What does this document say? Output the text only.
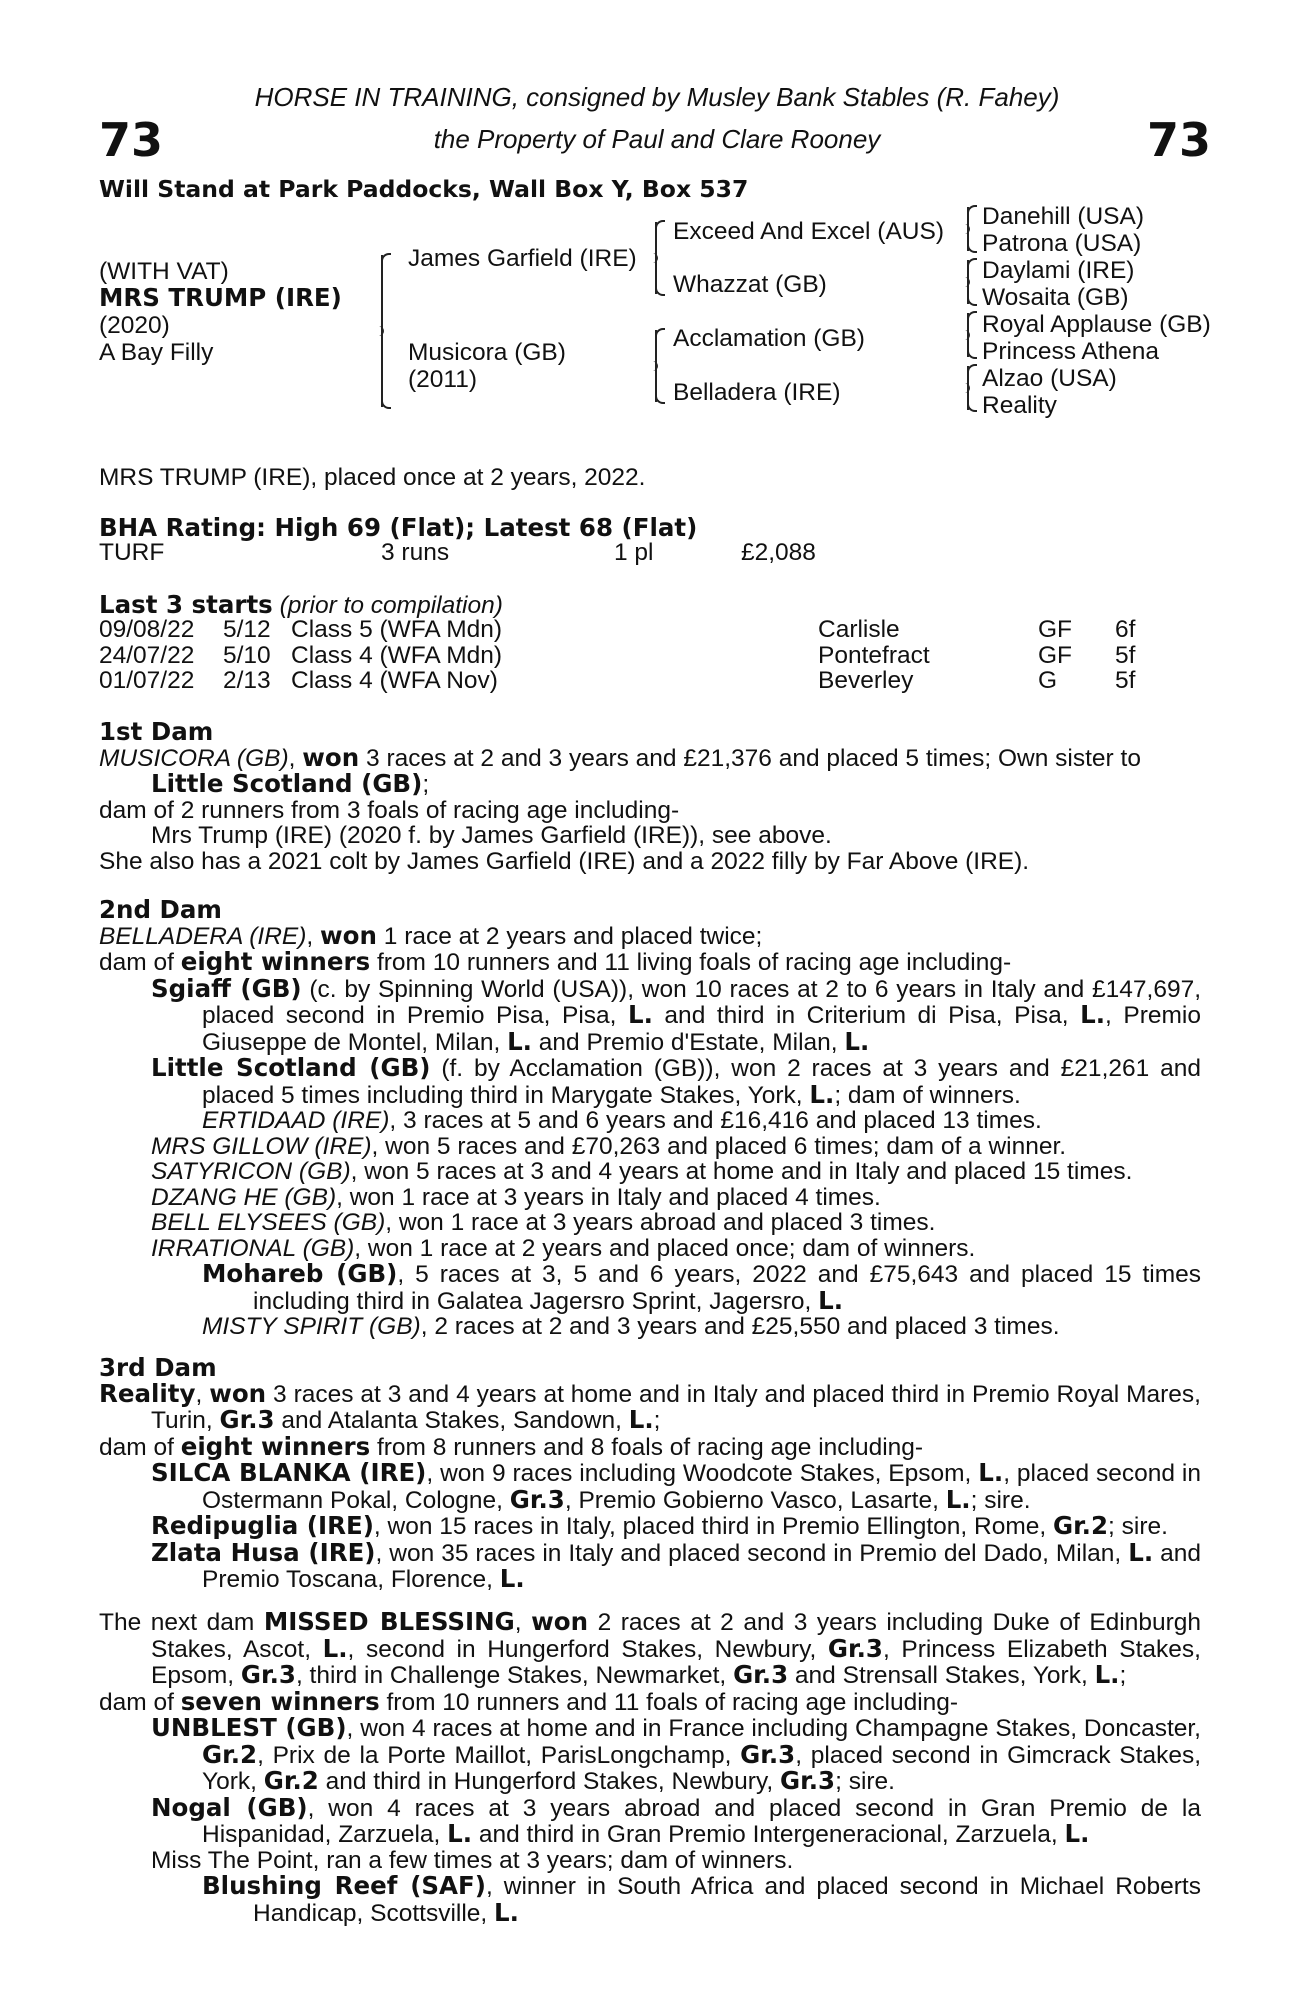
HORSE IN TRAINING, consigned by Musley Bank Stables (R. Fahey)
the Property of Paul and Clare Rooney
73	73
Will Stand at Park Paddocks, Wall Box Y, Box 537
(WITH VAT)
MRS TRUMP (IRE)
(2020)
A Bay Filly
James Garfield (IRE)
Musicora (GB)
(2011)
Exceed And Excel (AUS)
Whazzat (GB)
Acclamation (GB)
Belladera (IRE)
Danehill (USA)
Patrona (USA)
Daylami (IRE)
Wosaita (GB)
Royal Applause (GB)
Princess Athena
Alzao (USA)
Reality
MRS TRUMP (IRE), placed once at 2 years, 2022.
BHA Rating: High 69 (Flat); Latest 68 (Flat)
TURF	3 runs	1 pl	£2,088
Last 3 starts (prior to compilation)
09/08/22	5/12	Class 5 (WFA Mdn)	Carlisle	GF	6f
24/07/22	5/10	Class 4 (WFA Mdn)	Pontefract	GF	5f
01/07/22	2/13	Class 4 (WFA Nov)	Beverley	G	5f

1st Dam

MUSICORA (GB), won 3 races at 2 and 3 years and £21,376 and placed 5 times; Own sister to
Little Scotland (GB);

dam of 2 runners from 3 foals of racing age including-

Mrs Trump (IRE) (2020 f. by James Garfield (IRE)), see above.

She also has a 2021 colt by James Garfield (IRE) and a 2022 filly by Far Above (IRE).

2nd Dam

BELLADERA (IRE), won 1 race at 2 years and placed twice;

dam of eight winners from 10 runners and 11 living foals of racing age including-

Sgiaff (GB) (c. by Spinning World (USA)), won 10 races at 2 to 6 years in Italy and £147,697, placed second in Premio Pisa, Pisa, L. and third in Criterium di Pisa, Pisa, L., Premio Giuseppe de Montel, Milan, L. and Premio d'Estate, Milan, L.

Little Scotland (GB) (f. by Acclamation (GB)), won 2 races at 3 years and £21,261 and placed 5 times including third in Marygate Stakes, York, L.; dam of winners.

ERTIDAAD (IRE), 3 races at 5 and 6 years and £16,416 and placed 13 times.

MRS GILLOW (IRE), won 5 races and £70,263 and placed 6 times; dam of a winner.

SATYRICON (GB), won 5 races at 3 and 4 years at home and in Italy and placed 15 times.

DZANG HE (GB), won 1 race at 3 years in Italy and placed 4 times.

BELL ELYSEES (GB), won 1 race at 3 years abroad and placed 3 times.

IRRATIONAL (GB), won 1 race at 2 years and placed once; dam of winners.

Mohareb (GB), 5 races at 3, 5 and 6 years, 2022 and £75,643 and placed 15 times including third in Galatea Jagersro Sprint, Jagersro, L.

MISTY SPIRIT (GB), 2 races at 2 and 3 years and £25,550 and placed 3 times.

3rd Dam

Reality, won 3 races at 3 and 4 years at home and in Italy and placed third in Premio Royal Mares, Turin, Gr.3 and Atalanta Stakes, Sandown, L.;

dam of eight winners from 8 runners and 8 foals of racing age including-

SILCA BLANKA (IRE), won 9 races including Woodcote Stakes, Epsom, L., placed second in Ostermann Pokal, Cologne, Gr.3, Premio Gobierno Vasco, Lasarte, L.; sire.

Redipuglia (IRE), won 15 races in Italy, placed third in Premio Ellington, Rome, Gr.2; sire.

Zlata Husa (IRE), won 35 races in Italy and placed second in Premio del Dado, Milan, L. and Premio Toscana, Florence, L.

The next dam MISSED BLESSING, won 2 races at 2 and 3 years including Duke of Edinburgh Stakes, Ascot, L., second in Hungerford Stakes, Newbury, Gr.3, Princess Elizabeth Stakes, Epsom, Gr.3, third in Challenge Stakes, Newmarket, Gr.3 and Strensall Stakes, York, L.;

dam of seven winners from 10 runners and 11 foals of racing age including-

UNBLEST (GB), won 4 races at home and in France including Champagne Stakes, Doncaster, Gr.2, Prix de la Porte Maillot, ParisLongchamp, Gr.3, placed second in Gimcrack Stakes, York, Gr.2 and third in Hungerford Stakes, Newbury, Gr.3; sire.

Nogal (GB), won 4 races at 3 years abroad and placed second in Gran Premio de la Hispanidad, Zarzuela, L. and third in Gran Premio Intergeneracional, Zarzuela, L.

Miss The Point, ran a few times at 3 years; dam of winners.

Blushing Reef (SAF), winner in South Africa and placed second in Michael Roberts Handicap, Scottsville, L.
